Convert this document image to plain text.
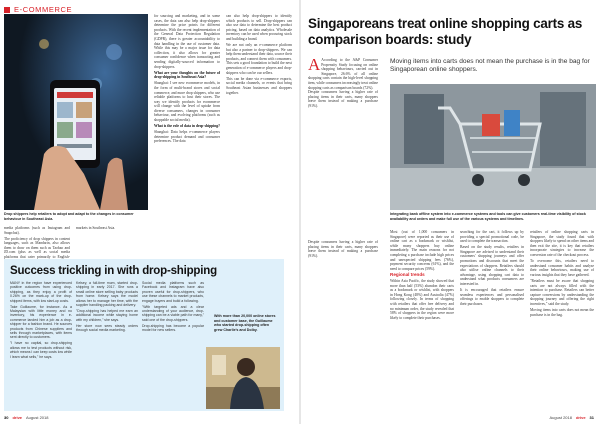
E-COMMERCE
Drop shippers help retailers to adopt and adapt to the changes in consumer behaviour in Southeast Asia.

media platforms (such as Instagram and Snapchat).

The proficiency of drop shippers in content languages, such as Mandarin, also allows them to draw on them such as Taobao and JD.com (plus as well as social media platforms that cater primarily to English-

markets in Southeast Asia.

for sourcing and marketing, and in some cases, the data can also help drop-shippers determine the price points for different products. With the recent implementation of the General Data Protection Regulation (GDPR), there is greater accountability to data handling in the use of customer data. While this may be a major issue for data collection, it also allows for greater consumer confidence when transacting and sending digitally-sourced information to drop-shippers.

What are your thoughts on the future of drop-shipping in Southeast Asia?

Shanghai: I see new ecommerce models, in the form of multi-brand stores and social commerce, and more drop shippers, who use reliable platforms to host their stores. The way we identify products for ecommerce will change with the level of uptake from diverse consumers, changes in consumer behaviour, and evolving platforms (such as shoppable social media).

What is the role of data in drop-shipping?

Shanghai: Data helps e-commerce players determine product demand and consumer preferences. The data

can also help drop-shippers to identify which products to sell. Drop-shippers can also use data to determine the best product pricing, based on data analytics. Wholesale inventory can be used when procuring stock and building a brand.

We are not only an e-commerce platform but also a partner to drop-shippers. We can help them understand their data, source their products, and connect them with consumers. This sets a good foundation to build the next generation of e-commerce players and drop-shippers who can be our sellers.

This can be done via e-commerce exports, social media channels, or events that bring Southeast Asian businesses and shoppers together.

Success trickling in with drop-shipping

MANY in the region have experienced positive outcomes from using drop-shipping, as they enjoy a profit of 0.26% on the mark-up of the drop-shipped items, with low start-up costs.

Take Guillaume, for instance. As a Malaysian with little money and no inventory, his experience in e-commerce landed him a job as a drop-shipper for a fashion brand. He sources products from Chinese suppliers and sells through marketplaces, with items sent directly to customers.

"I have no capital, so drop-shipping allows me to test products without risk, which means I can keep costs low while I learn what sells," he says.

Kelsey, a full-time mum, started drop-shipping in early 2017. She runs a small online store selling baby products from home. Kelsey says the model allows her to manage her time, with the supplier handling packing and delivery.

"Drop-shipping has helped me earn an additional income while staying home with my children," she says.

Her store now sees steady orders through social media marketing.

Social media platforms such as Facebook and Instagram have also proven useful for drop-shippers, who use these channels to market products, engage buyers and build a following.

"With targeted ads and a clear understanding of your audience, drop-shipping can be a viable path for many," said one of the drop-shippers.

Drop-shipping has become a popular model for new sellers.

With more than 20,000 online stores and customer base, the Guillaume who started drop-shipping often grew Charlie's and Dolby.
30 drive August 2018
Singaporeans treat online shopping carts as comparison boards: study
A According to the A&P Consumer Propensity Study focusing on online shopping behaviours, carried out in Singapore, 26.6% of all online shopping carts contain the high-level shopping item, while consumers increasingly treat online shopping carts as comparison boards (72%).

Despite consumers having a higher rate of placing items in their carts, many shoppers leave them instead of making a purchase (91%).

Moving items into carts does not mean the purchase is in the bag for Singaporean online shoppers.
Integrating bank offline system into e-commerce systems and tools can give customers real-time visibility of stock availability and orders and make full use of the various systems and timelines.

Most (out of 1,000 consumers in Singapore) were reported as their use of online cart as a bookmark or wishlist, while many shoppers buy online immediately. The main reasons for not completing a purchase include high prices and unexpected shipping fees (76%), payment security concerns (61%), and the need to compare prices (59%).

Regional trends

Within Asia Pacific, the study showed that more than half (53%) abandon their carts as a bookmark or wishlist, with shoppers in Hong Kong (48%) and Australia (47%) following closely. In terms of shopping with retailers that offer free delivery and no minimum order, the study revealed that 58% of shoppers in the region were more likely to complete their purchases.

searching for the cart, it follows up by providing a special promotional code, be used to complete the transaction.

Based on the study results, retailers in Singapore are advised to understand their customers' shopping journeys and offer promotions and discounts that meet the expectations of shoppers. Retailers should also utilise online channels to their advantage, using shopping cart data to understand what products consumers are interested in.

It is encouraged that retailers ensure seamless experiences and personalised offerings to enable shoppers to complete their purchases.

retailers of online shopping carts in Singapore, the study found that with shoppers likely to spend on other items and then exit the site, it is key that retailers incorporate strategies to increase the conversion rate of the checkout process.

To overcome this, retailers need to understand consumer habits and analyse their online behaviours, making use of various insights that they have gathered.

"Retailers must be aware that shopping carts are not always filled with the intention to purchase. Retailers can better capture conversions by understanding the shopping journey and offering the right incentives," said the study.

Moving items into carts does not mean the purchase is in the bag.

Despite consumers having a higher rate of placing items in their carts, many shoppers leave them instead of making a purchase (91%).

August 2018 drive 31
